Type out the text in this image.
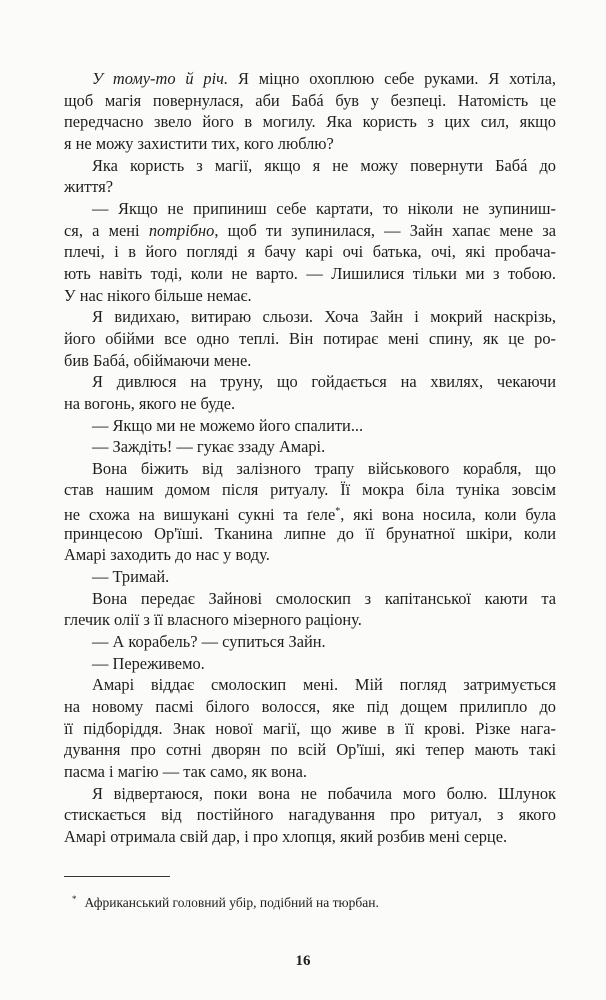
У тому-то й річ. Я міцно охоплюю себе руками. Я хотіла,
щоб магія повернулася, аби Бабá був у безпеці. Натомість це
передчасно звело його в могилу. Яка користь з цих сил, якщо
я не можу захистити тих, кого люблю?
Яка користь з магії, якщо я не можу повернути Бабá до
життя?
— Якщо не припиниш себе картати, то ніколи не зупиниш-
ся, а мені потрібно, щоб ти зупинилася, — Зайн хапає мене за
плечі, і в його погляді я бачу карі очі батька, очі, які пробача-
ють навіть тоді, коли не варто. — Лишилися тільки ми з тобою.
У нас нікого більше немає.
Я видихаю, витираю сльози. Хоча Зайн і мокрий наскрізь,
його обійми все одно теплі. Він потирає мені спину, як це ро-
бив Бабá, обіймаючи мене.
Я дивлюся на труну, що гойдається на хвилях, чекаючи
на вогонь, якого не буде.
— Якщо ми не можемо його спалити...
— Заждіть! — гукає ззаду Амарі.
Вона біжить від залізного трапу військового корабля, що
став нашим домом після ритуалу. Її мокра біла туніка зовсім
не схожа на вишукані сукні та ґеле*, які вона носила, коли була
принцесою Ор'їші. Тканина липне до її брунатної шкіри, коли
Амарі заходить до нас у воду.
— Тримай.
Вона передає Зайнові смолоскип з капітанської каюти та
глечик олії з її власного мізерного раціону.
— А корабель? — супиться Зайн.
— Переживемо.
Амарі віддає смолоскип мені. Мій погляд затримується
на новому пасмі білого волосся, яке під дощем прилипло до
її підборіддя. Знак нової магії, що живе в її крові. Різке нага-
дування про сотні дворян по всій Ор'їші, які тепер мають такі
пасма і магію — так само, як вона.
Я відвертаюся, поки вона не побачила мого болю. Шлунок
стискається від постійного нагадування про ритуал, з якого
Амарі отримала свій дар, і про хлопця, який розбив мені серце.
* Африканський головний убір, подібний на тюрбан.
16
